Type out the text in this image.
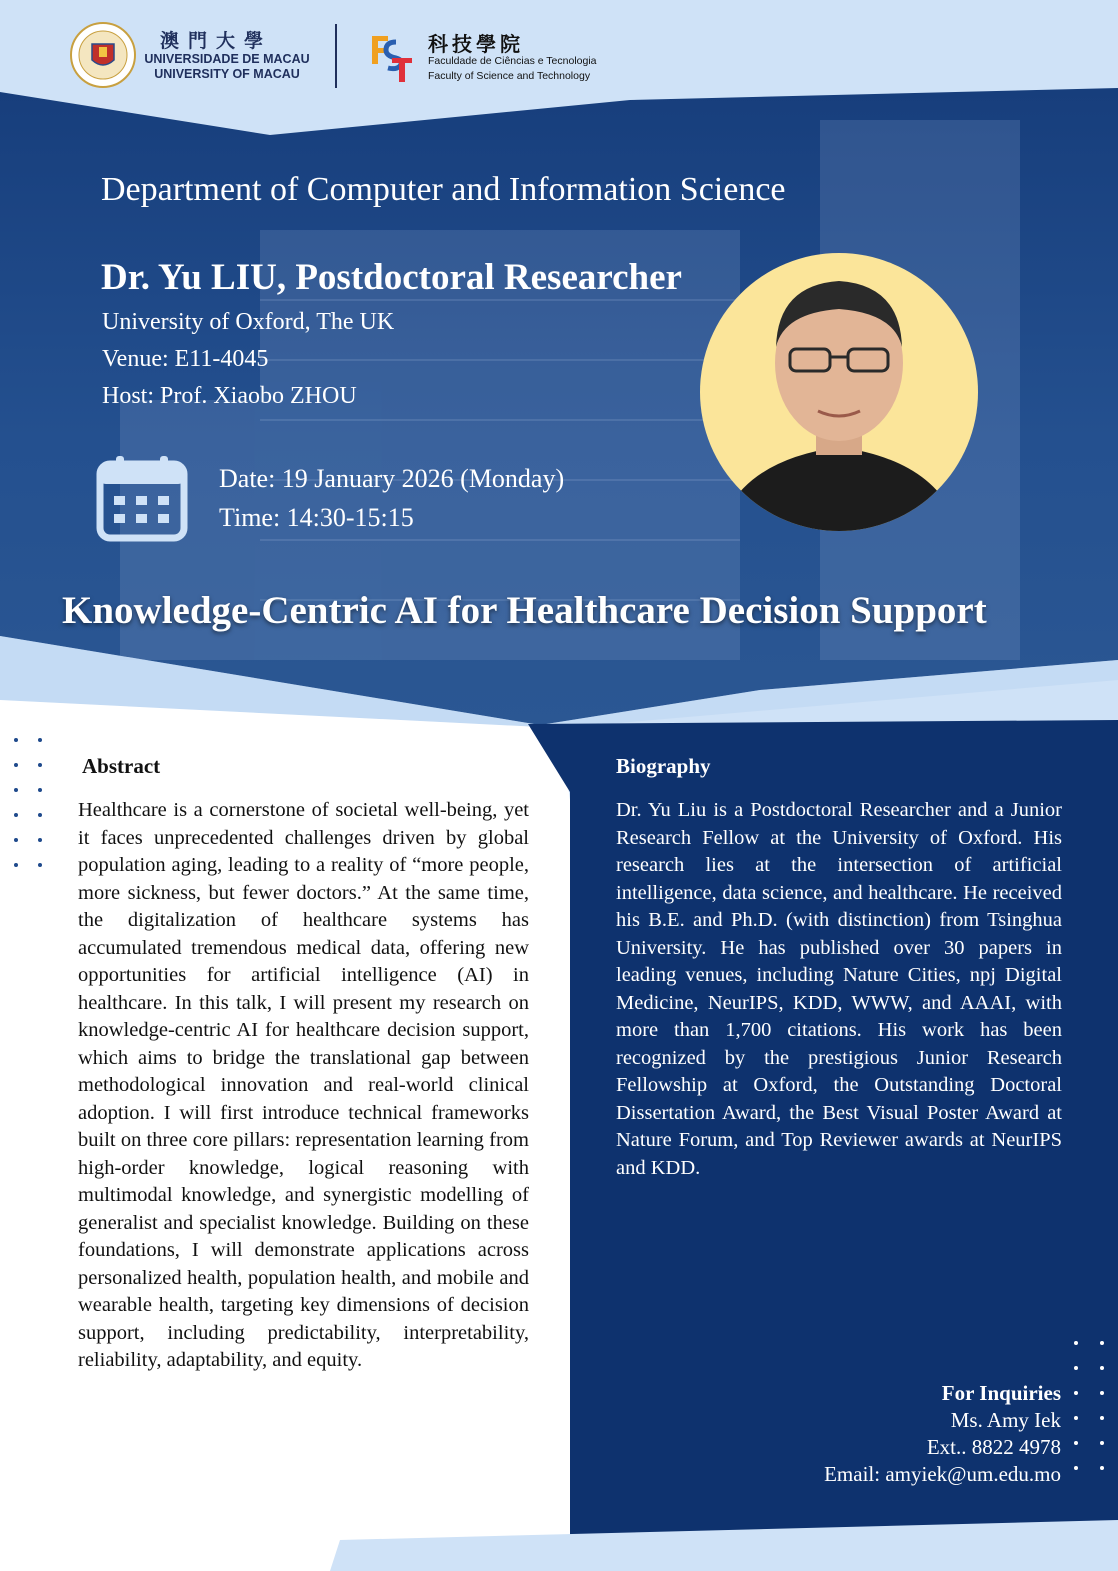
澳門大學
UNIVERSIDADE DE MACAU
UNIVERSITY OF MACAU
科技學院
Faculdade de Ciências e Tecnologia
Faculty of Science and Technology
Department of Computer and Information Science
Dr. Yu LIU, Postdoctoral Researcher
University of Oxford, The UK
Venue: E11-4045
Host: Prof. Xiaobo ZHOU
Date: 19 January 2026 (Monday)
Time: 14:30-15:15
Knowledge-Centric AI for Healthcare Decision Support
Abstract
Healthcare is a cornerstone of societal well-being, yet it faces unprecedented challenges driven by global population aging, leading to a reality of “more people, more sickness, but fewer doctors.” At the same time, the digitalization of healthcare systems has accumulated tremendous medical data, offering new opportunities for artificial intelligence (AI) in healthcare. In this talk, I will present my research on knowledge-centric AI for healthcare decision support, which aims to bridge the translational gap between methodological innovation and real-world clinical adoption. I will first introduce technical frameworks built on three core pillars: representation learning from high-order knowledge, logical reasoning with multimodal knowledge, and synergistic modelling of generalist and specialist knowledge. Building on these foundations, I will demonstrate applications across personalized health, population health, and mobile and wearable health, targeting key dimensions of decision support, including predictability, interpretability, reliability, adaptability, and equity.
Biography
Dr. Yu Liu is a Postdoctoral Researcher and a Junior Research Fellow at the University of Oxford. His research lies at the intersection of artificial intelligence, data science, and healthcare. He received his B.E. and Ph.D. (with distinction) from Tsinghua University. He has published over 30 papers in leading venues, including Nature Cities, npj Digital Medicine, NeurIPS, KDD, WWW, and AAAI, with more than 1,700 citations. His work has been recognized by the prestigious Junior Research Fellowship at Oxford, the Outstanding Doctoral Dissertation Award, the Best Visual Poster Award at Nature Forum, and Top Reviewer awards at NeurIPS and KDD.
For Inquiries
Ms. Amy Iek
Ext.. 8822 4978
Email: amyiek@um.edu.mo
